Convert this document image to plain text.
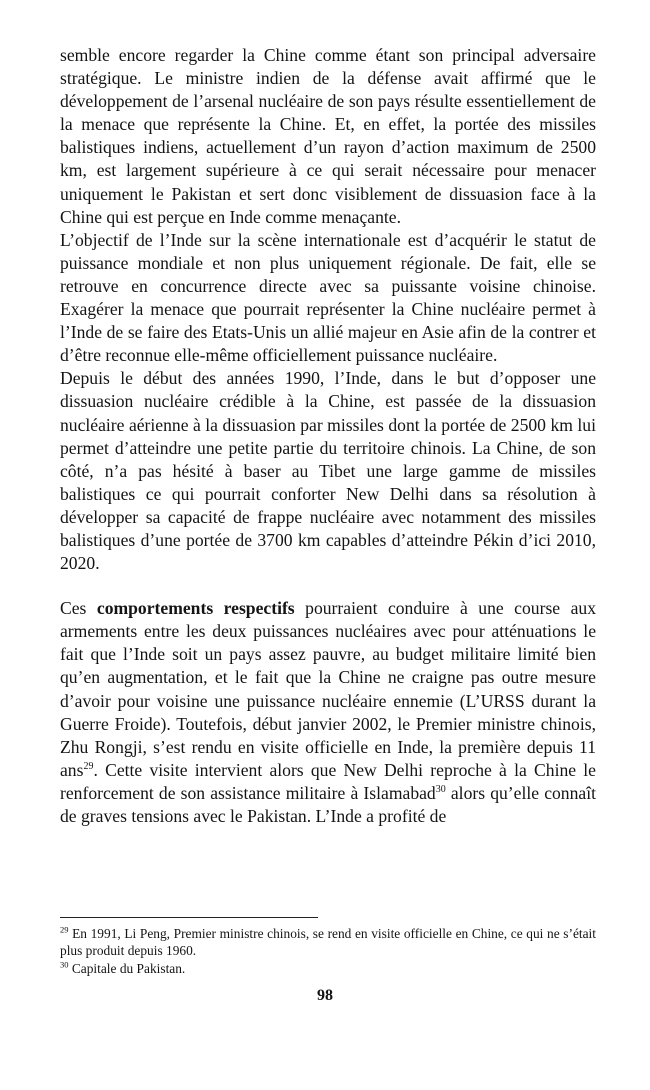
semble encore regarder la Chine comme étant son principal adversaire stratégique. Le ministre indien de la défense avait affirmé que le développement de l’arsenal nucléaire de son pays résulte essentiellement de la menace que représente la Chine. Et, en effet, la portée des missiles balistiques indiens, actuellement d’un rayon d’action maximum de 2500 km, est largement supérieure à ce qui serait nécessaire pour menacer uniquement le Pakistan et sert donc visiblement de dissuasion face à la Chine qui est perçue en Inde comme menaçante.

L’objectif de l’Inde sur la scène internationale est d’acquérir le statut de puissance mondiale et non plus uniquement régionale. De fait, elle se retrouve en concurrence directe avec sa puissante voisine chinoise. Exagérer la menace que pourrait représenter la Chine nucléaire permet à l’Inde de se faire des Etats-Unis un allié majeur en Asie afin de la contrer et d’être reconnue elle-même officiellement puissance nucléaire.

Depuis le début des années 1990, l’Inde, dans le but d’opposer une dissuasion nucléaire crédible à la Chine, est passée de la dissuasion nucléaire aérienne à la dissuasion par missiles dont la portée de 2500 km lui permet d’atteindre une petite partie du territoire chinois. La Chine, de son côté, n’a pas hésité à baser au Tibet une large gamme de missiles balistiques ce qui pourrait conforter New Delhi dans sa résolution à développer sa capacité de frappe nucléaire avec notamment des missiles balistiques d’une portée de 3700 km capables d’atteindre Pékin d’ici 2010, 2020.

Ces comportements respectifs pourraient conduire à une course aux armements entre les deux puissances nucléaires avec pour atténuations le fait que l’Inde soit un pays assez pauvre, au budget militaire limité bien qu’en augmentation, et le fait que la Chine ne craigne pas outre mesure d’avoir pour voisine une puissance nucléaire ennemie (L’URSS durant la Guerre Froide). Toutefois, début janvier 2002, le Premier ministre chinois, Zhu Rongji, s’est rendu en visite officielle en Inde, la première depuis 11 ans$^{29}$. Cette visite intervient alors que New Delhi reproche à la Chine le renforcement de son assistance militaire à Islamabad$^{30}$ alors qu’elle connaît de graves tensions avec le Pakistan. L’Inde a profité de

$^{29}$ En 1991, Li Peng, Premier ministre chinois, se rend en visite officielle en Chine, ce qui ne s’était plus produit depuis 1960.

$^{30}$ Capitale du Pakistan.

98
